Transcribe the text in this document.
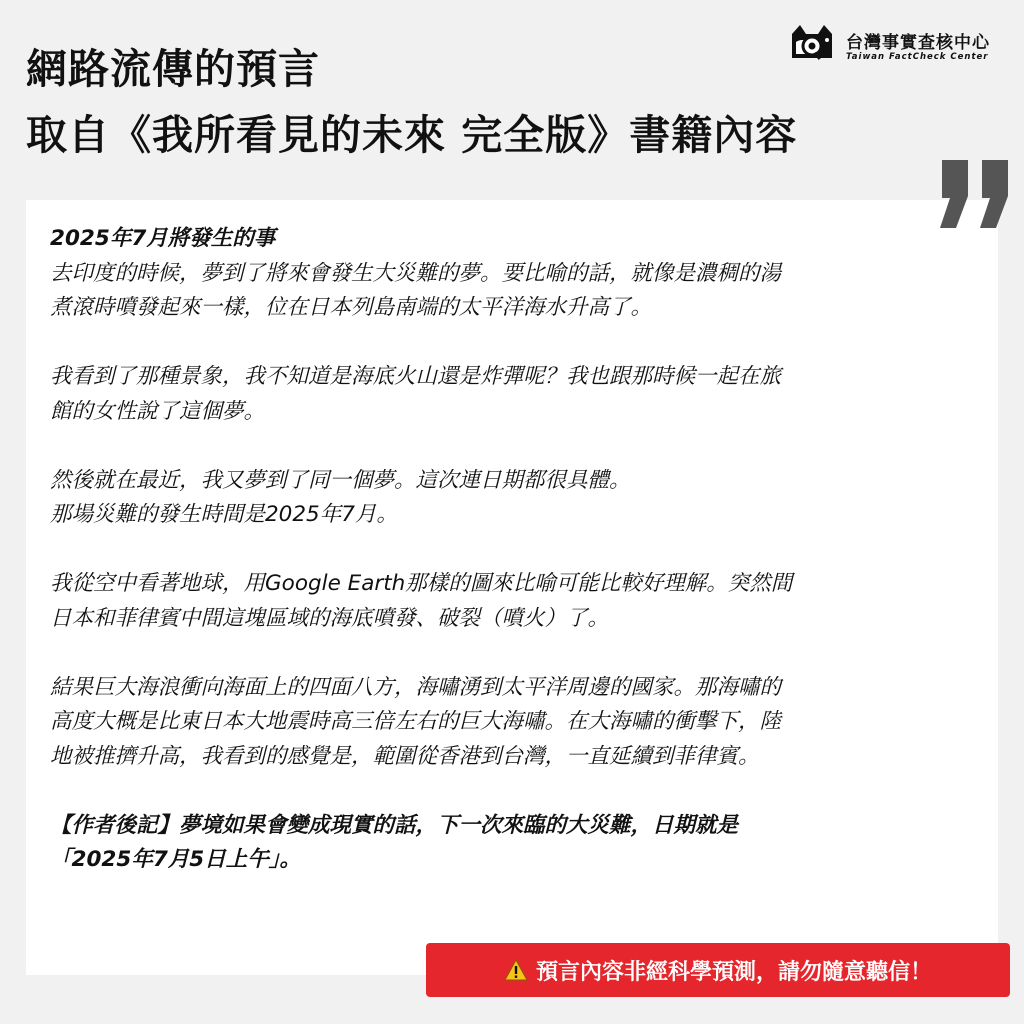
網路流傳的預言
取自《我所看見的未來 完全版》書籍內容
台灣事實查核中心
Taiwan FactCheck Center

2025年7月將發生的事

去印度的時候，夢到了將來會發生大災難的夢。要比喻的話，就像是濃稠的湯
煮滾時噴發起來一樣，位在日本列島南端的太平洋海水升高了。

我看到了那種景象，我不知道是海底火山還是炸彈呢？我也跟那時候一起在旅
館的女性說了這個夢。

然後就在最近，我又夢到了同一個夢。這次連日期都很具體。
那場災難的發生時間是2025年7月。

我從空中看著地球，用Google Earth那樣的圖來比喻可能比較好理解。突然間
日本和菲律賓中間這塊區域的海底噴發、破裂（噴火）了。

結果巨大海浪衝向海面上的四面八方，海嘯湧到太平洋周邊的國家。那海嘯的
高度大概是比東日本大地震時高三倍左右的巨大海嘯。在大海嘯的衝擊下，陸
地被推擠升高，我看到的感覺是，範圍從香港到台灣，一直延續到菲律賓。

【作者後記】夢境如果會變成現實的話，下一次來臨的大災難，日期就是
「2025年7月5日上午」。

預言內容非經科學預測，請勿隨意聽信！
